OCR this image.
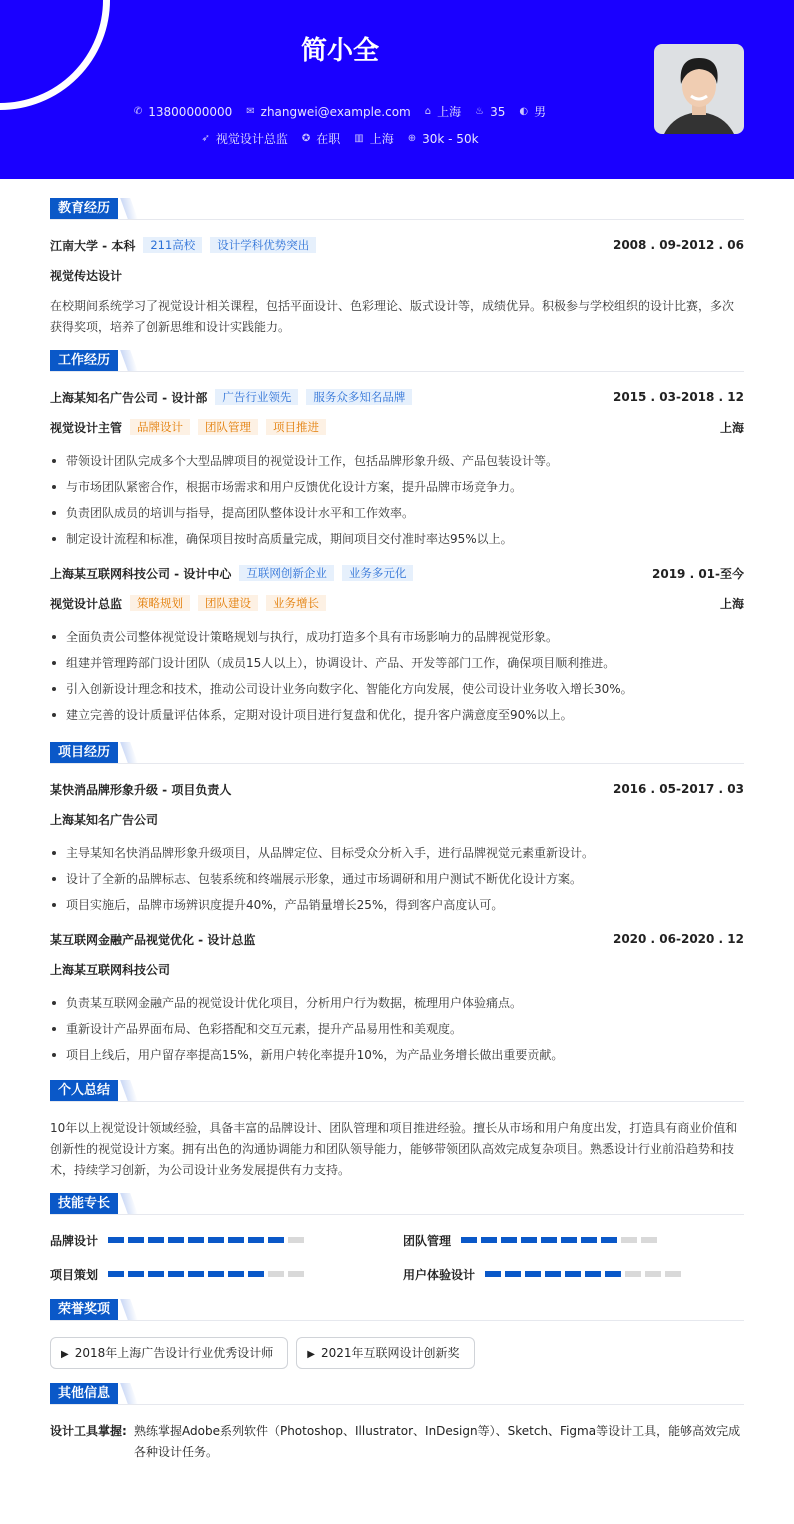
简小全
✆ 13800000000 ✉ zhangwei@example.com ⌂ 上海 ♨ 35 ◐ 男
➶ 视觉设计总监 ✪ 在职 ▥ 上海 ⊕ 30k - 50k
教育经历
江南大学 - 本科	211高校	设计学科优势突出	2008 . 09-2012 . 06
视觉传达设计

在校期间系统学习了视觉设计相关课程，包括平面设计、色彩理论、版式设计等，成绩优异。积极参与学校组织的设计比赛，多次获得奖项，培养了创新思维和设计实践能力。

工作经历
上海某知名广告公司 - 设计部	广告行业领先	服务众多知名品牌	2015 . 03-2018 . 12
视觉设计主管	品牌设计	团队管理	项目推进	上海
带领设计团队完成多个大型品牌项目的视觉设计工作，包括品牌形象升级、产品包装设计等。
与市场团队紧密合作，根据市场需求和用户反馈优化设计方案，提升品牌市场竞争力。
负责团队成员的培训与指导，提高团队整体设计水平和工作效率。
制定设计流程和标准，确保项目按时高质量完成，期间项目交付准时率达95%以上。
上海某互联网科技公司 - 设计中心	互联网创新企业	业务多元化	2019 . 01-至今
视觉设计总监	策略规划	团队建设	业务增长	上海
全面负责公司整体视觉设计策略规划与执行，成功打造多个具有市场影响力的品牌视觉形象。
组建并管理跨部门设计团队（成员15人以上），协调设计、产品、开发等部门工作，确保项目顺利推进。
引入创新设计理念和技术，推动公司设计业务向数字化、智能化方向发展，使公司设计业务收入增长30%。
建立完善的设计质量评估体系，定期对设计项目进行复盘和优化，提升客户满意度至90%以上。
项目经历
某快消品牌形象升级 - 项目负责人	2016 . 05-2017 . 03
上海某知名广告公司
主导某知名快消品牌形象升级项目，从品牌定位、目标受众分析入手，进行品牌视觉元素重新设计。
设计了全新的品牌标志、包装系统和终端展示形象，通过市场调研和用户测试不断优化设计方案。
项目实施后，品牌市场辨识度提升40%，产品销量增长25%，得到客户高度认可。
某互联网金融产品视觉优化 - 设计总监	2020 . 06-2020 . 12
上海某互联网科技公司
负责某互联网金融产品的视觉设计优化项目，分析用户行为数据，梳理用户体验痛点。
重新设计产品界面布局、色彩搭配和交互元素，提升产品易用性和美观度。
项目上线后，用户留存率提高15%，新用户转化率提升10%，为产品业务增长做出重要贡献。
个人总结

10年以上视觉设计领域经验，具备丰富的品牌设计、团队管理和项目推进经验。擅长从市场和用户角度出发，打造具有商业价值和创新性的视觉设计方案。拥有出色的沟通协调能力和团队领导能力，能够带领团队高效完成复杂项目。熟悉设计行业前沿趋势和技术，持续学习创新，为公司设计业务发展提供有力支持。

技能专长
品牌设计	团队管理
项目策划	用户体验设计
荣誉奖项
▶ 2018年上海广告设计行业优秀设计师	▶ 2021年互联网设计创新奖
其他信息
设计工具掌握: 熟练掌握Adobe系列软件（Photoshop、Illustrator、InDesign等）、Sketch、Figma等设计工具，能够高效完成各种设计任务。
